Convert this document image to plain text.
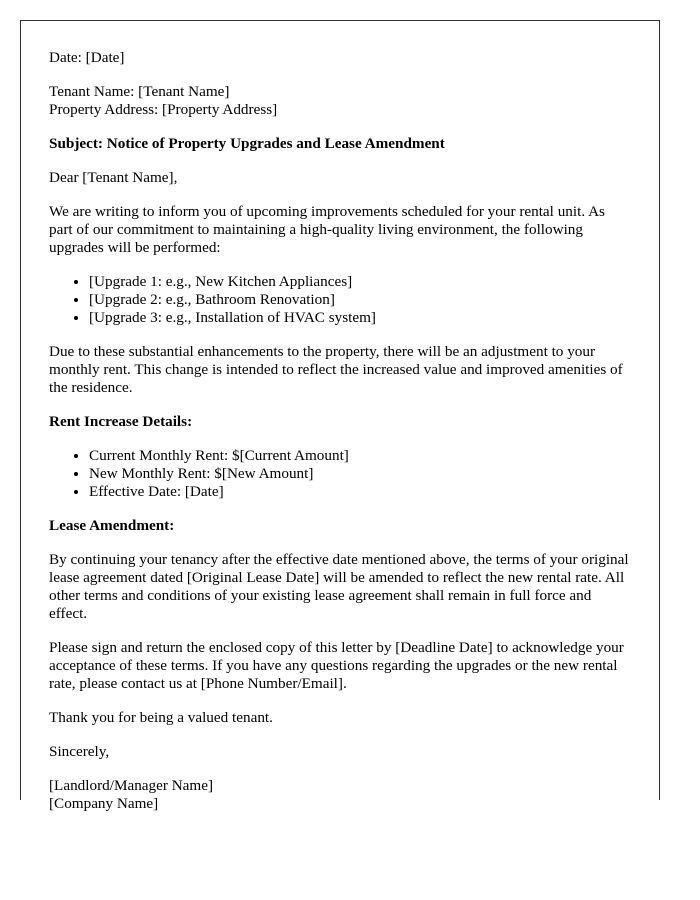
Date: [Date]

Tenant Name: [Tenant Name]
Property Address: [Property Address]

Subject: Notice of Property Upgrades and Lease Amendment

Dear [Tenant Name],

We are writing to inform you of upcoming improvements scheduled for your rental unit. As part of our commitment to maintaining a high-quality living environment, the following upgrades will be performed:

• [Upgrade 1: e.g., New Kitchen Appliances]
• [Upgrade 2: e.g., Bathroom Renovation]
• [Upgrade 3: e.g., Installation of HVAC system]

Due to these substantial enhancements to the property, there will be an adjustment to your monthly rent. This change is intended to reflect the increased value and improved amenities of the residence.

Rent Increase Details:

• Current Monthly Rent: $[Current Amount]
• New Monthly Rent: $[New Amount]
• Effective Date: [Date]

Lease Amendment:

By continuing your tenancy after the effective date mentioned above, the terms of your original lease agreement dated [Original Lease Date] will be amended to reflect the new rental rate. All other terms and conditions of your existing lease agreement shall remain in full force and effect.

Please sign and return the enclosed copy of this letter by [Deadline Date] to acknowledge your acceptance of these terms. If you have any questions regarding the upgrades or the new rental rate, please contact us at [Phone Number/Email].

Thank you for being a valued tenant.

Sincerely,

[Landlord/Manager Name]
[Company Name]
